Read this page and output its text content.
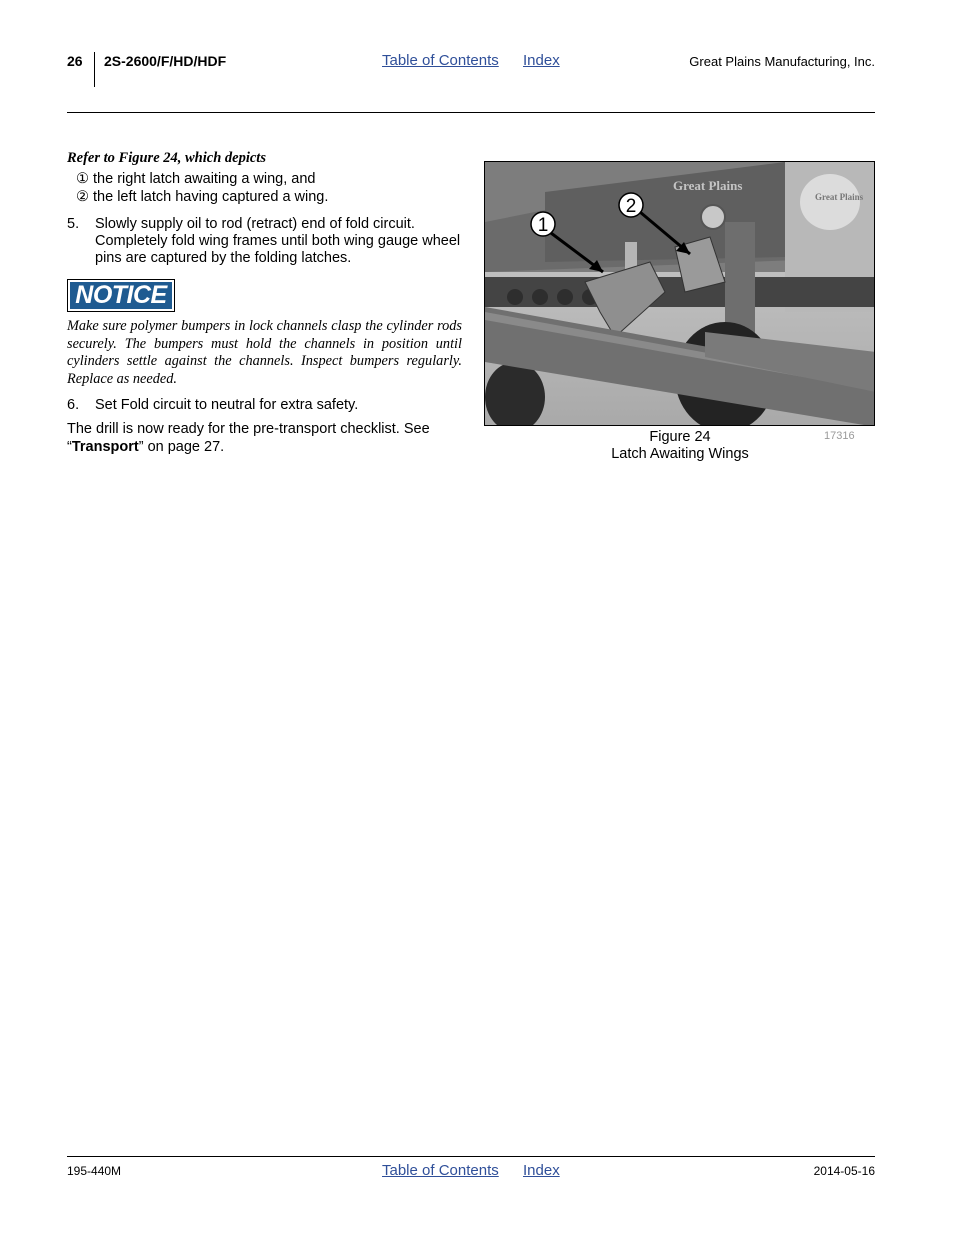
26 2S-2600/F/HD/HDF	Table of Contents Index	Great Plains Manufacturing, Inc.
Refer to Figure 24, which depicts
① the right latch awaiting a wing, and
② the left latch having captured a wing.
5. Slowly supply oil to rod (retract) end of fold circuit. Completely fold wing frames until both wing gauge wheel pins are captured by the folding latches.
NOTICE
Make sure polymer bumpers in lock channels clasp the cylinder rods securely. The bumpers must hold the channels in position until cylinders settle against the channels. Inspect bumpers regularly. Replace as needed.
6. Set Fold circuit to neutral for extra safety.
The drill is now ready for the pre-transport checklist. See “Transport” on page 27.
Great Plains
Great Plains
1
2
Figure 24
Latch Awaiting Wings
17316
195-440M	Table of Contents Index	2014-05-16
